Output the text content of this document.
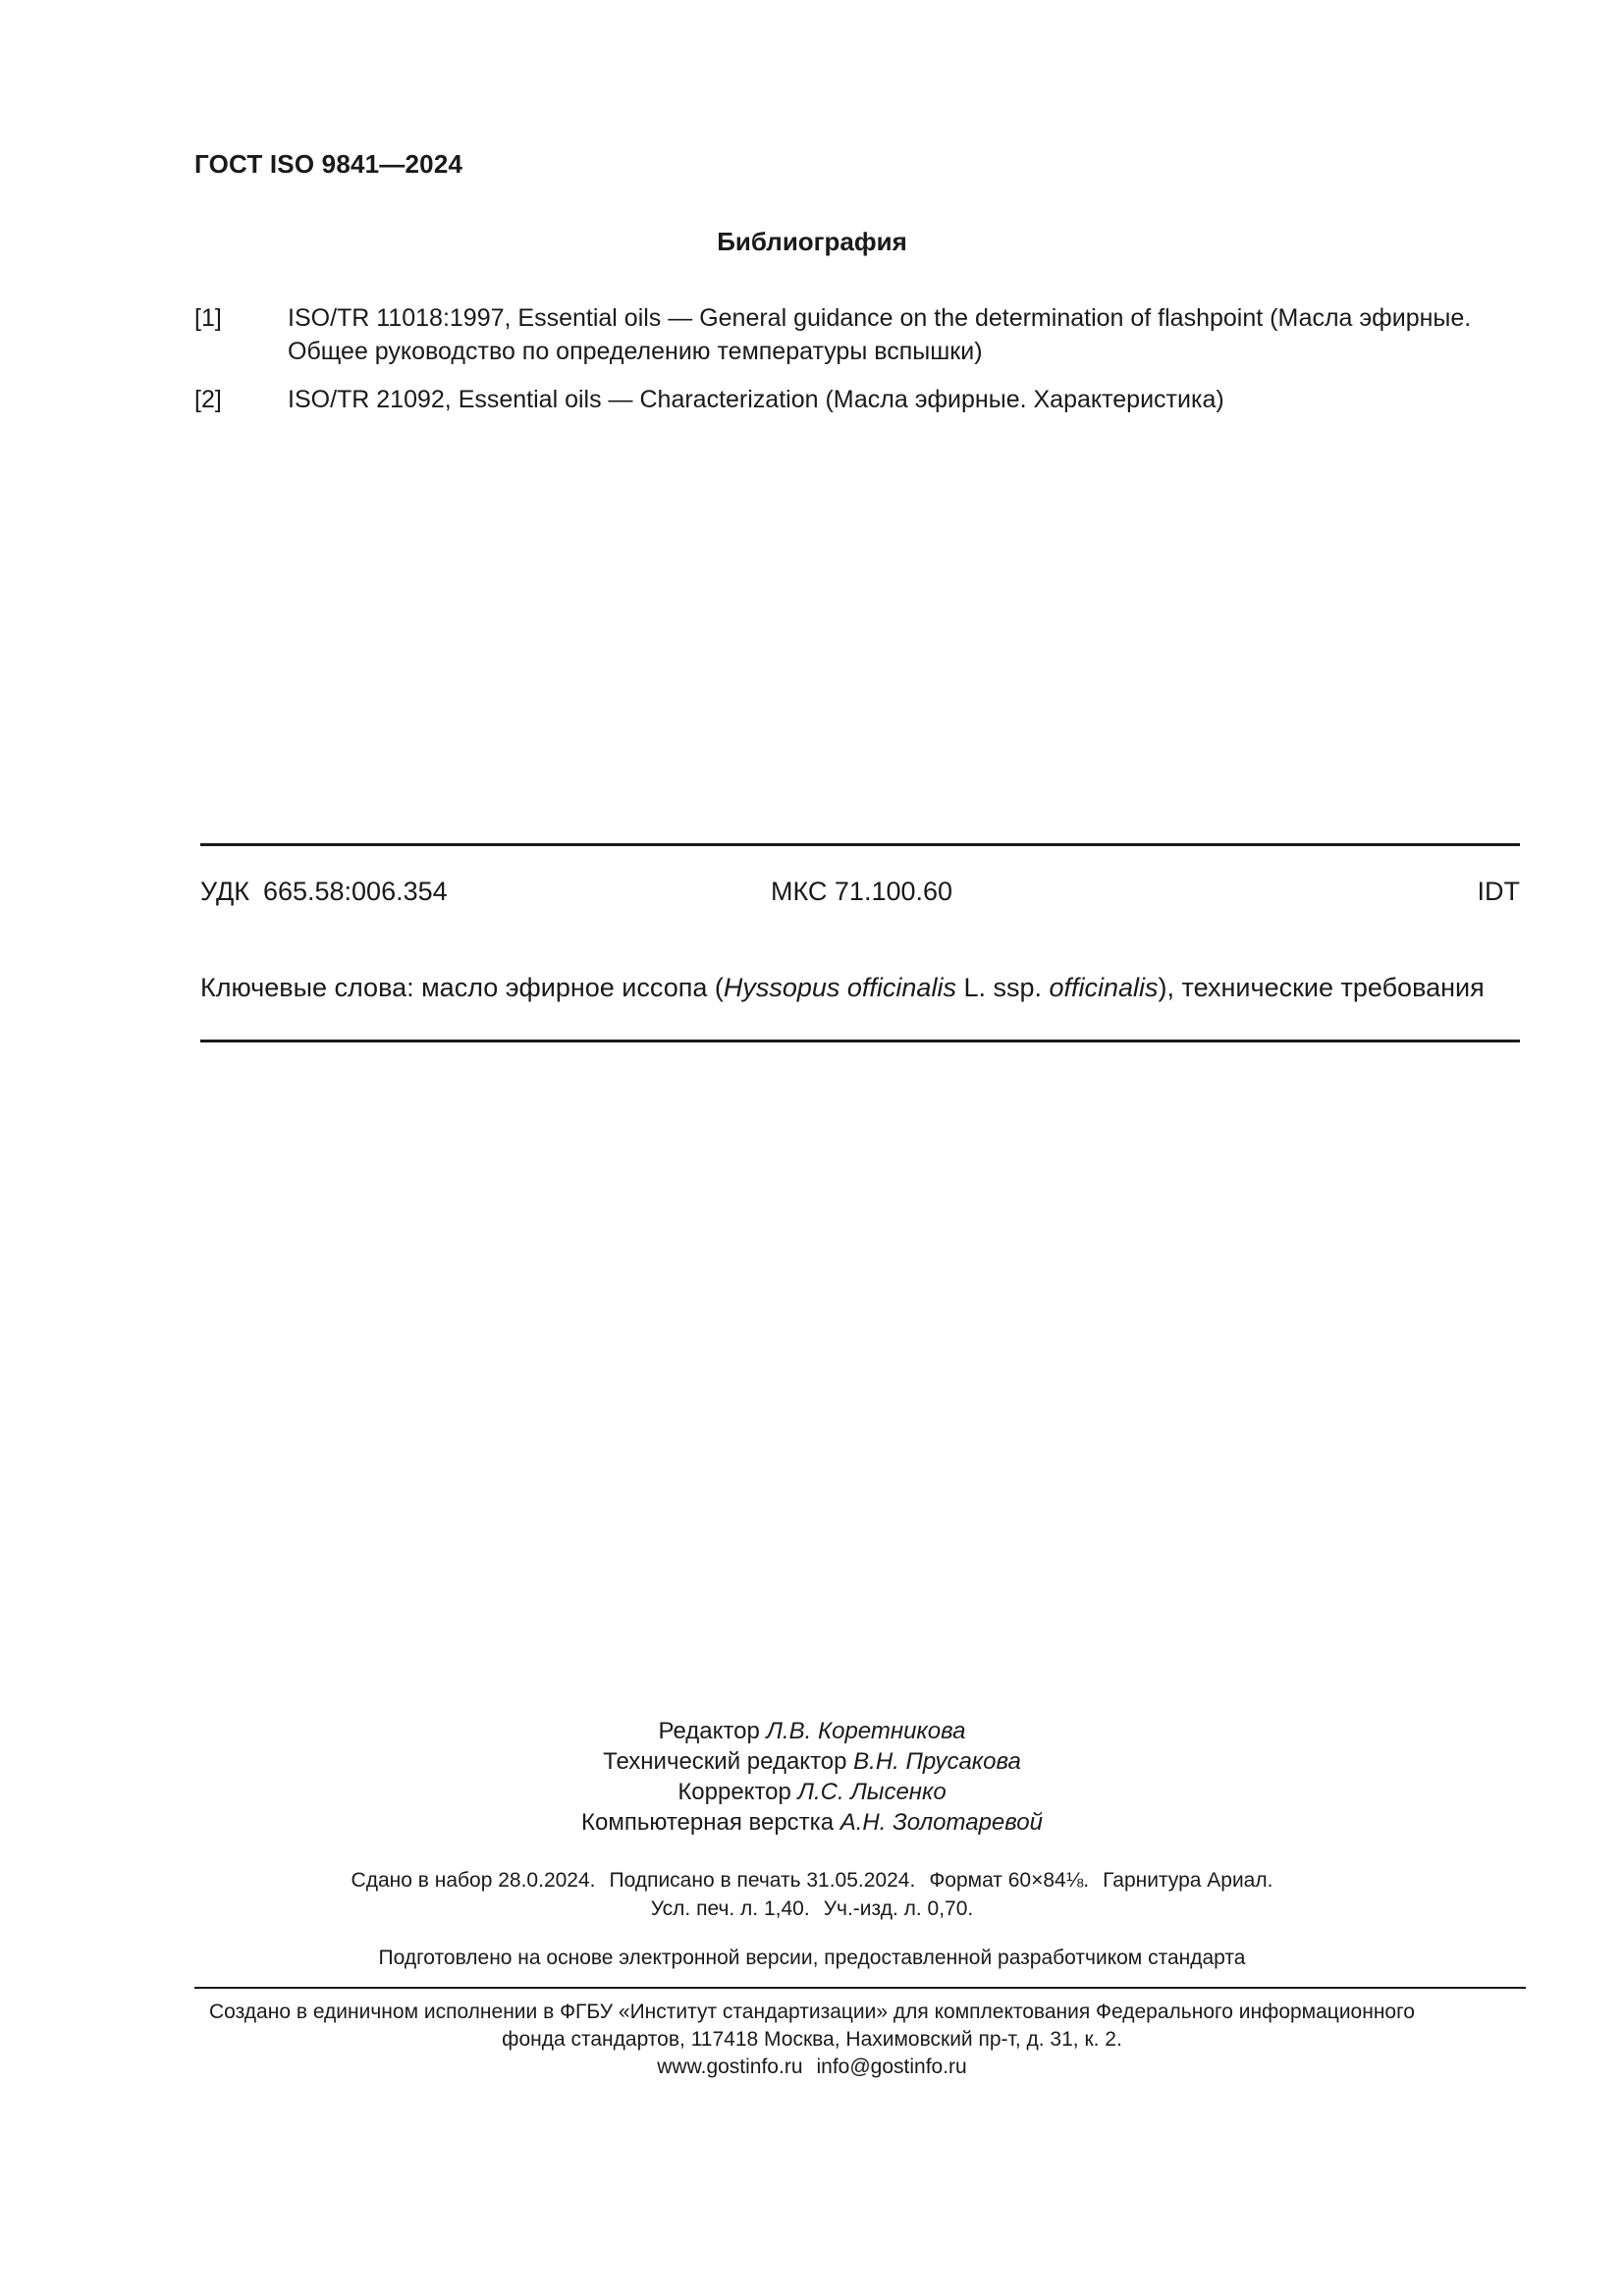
ГОСТ ISO 9841—2024
Библиография
[1]	ISO/TR 11018:1997, Essential oils — General guidance on the determination of flashpoint (Масла эфирные.
Общее руководство по определению температуры вспышки)
[2]	ISO/TR 21092, Essential oils — Characterization (Масла эфирные. Характеристика)
УДК 665.58:006.354	МКС 71.100.60	IDT
Ключевые слова: масло эфирное иссопа (Hyssopus officinalis L. ssp. officinalis), технические требования
Редактор Л.В. Коретникова
Технический редактор В.Н. Прусакова
Корректор Л.С. Лысенко
Компьютерная верстка А.Н. Золотаревой
Сдано в набор 28.0.2024. Подписано в печать 31.05.2024. Формат 60×84⅛. Гарнитура Ариал.
Усл. печ. л. 1,40. Уч.-изд. л. 0,70.
Подготовлено на основе электронной версии, предоставленной разработчиком стандарта
Создано в единичном исполнении в ФГБУ «Институт стандартизации» для комплектования Федерального информационного
фонда стандартов, 117418 Москва, Нахимовский пр-т, д. 31, к. 2.
www.gostinfo.ru info@gostinfo.ru
